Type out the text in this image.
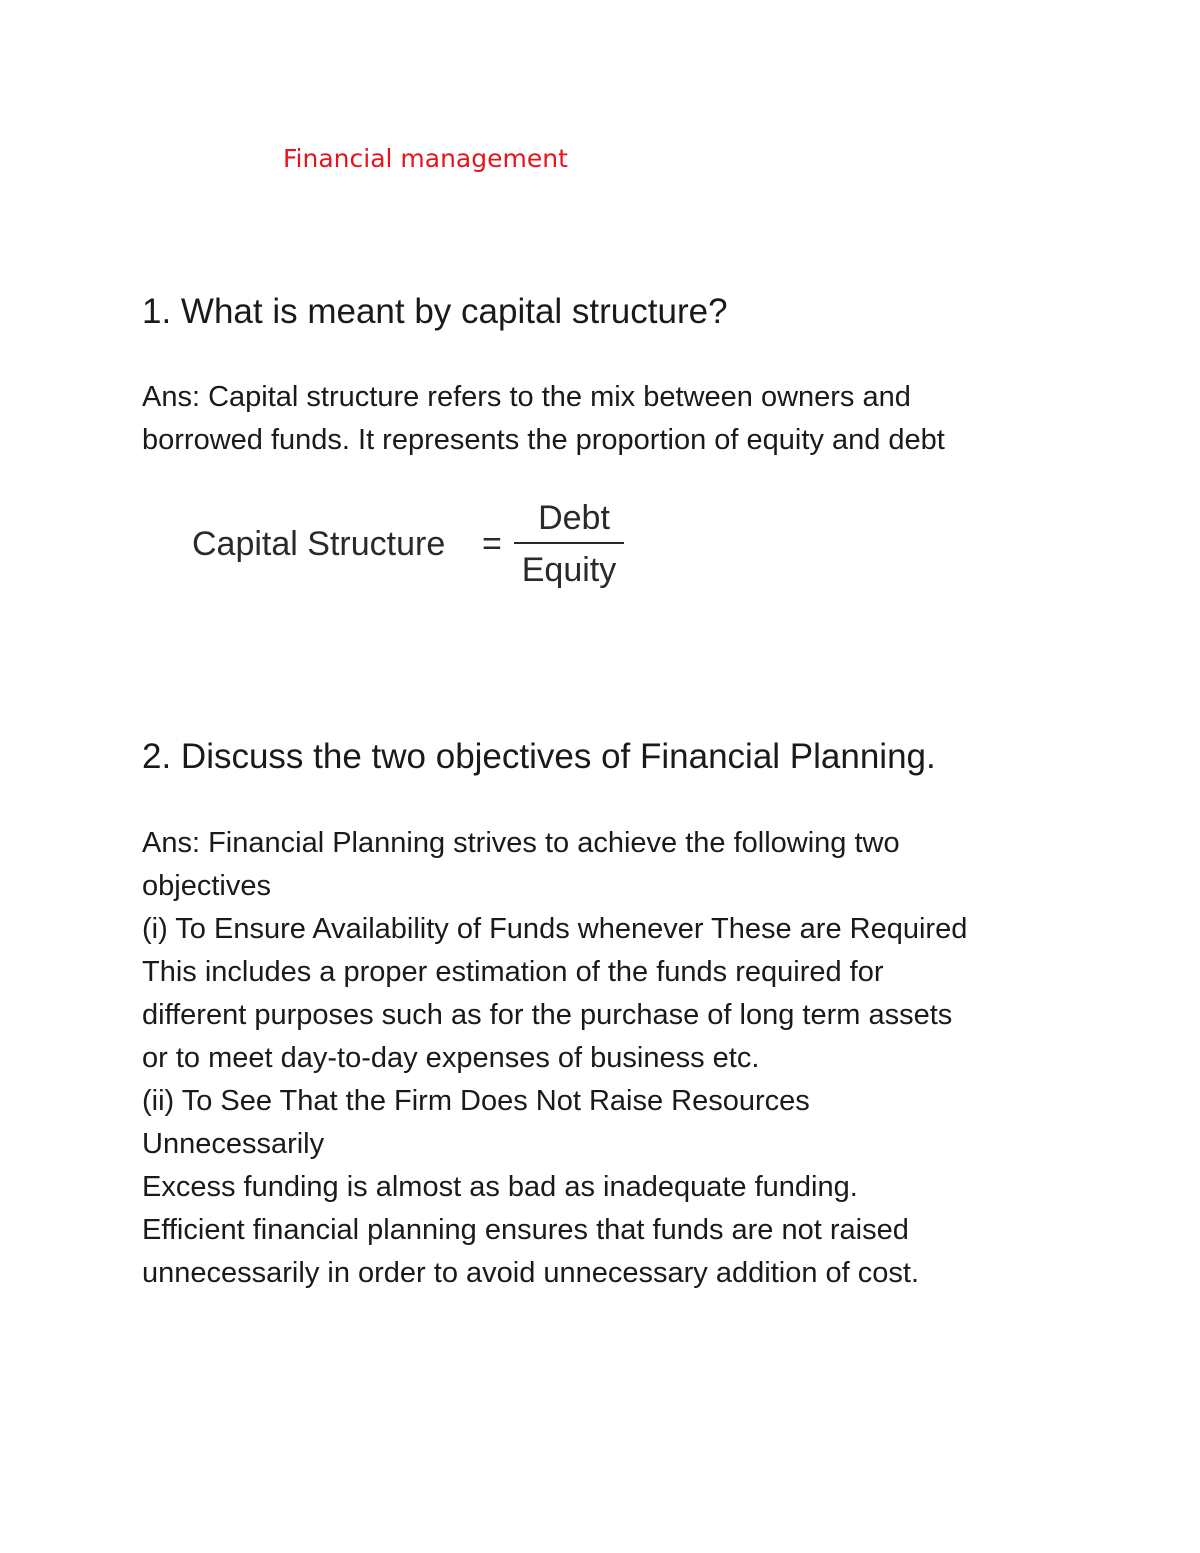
Financial management
1. What is meant by capital structure?
Ans: Capital structure refers to the mix between owners and
borrowed funds. It represents the proportion of equity and debt
Capital Structure =
Debt
Equity
2. Discuss the two objectives of Financial Planning.
Ans: Financial Planning strives to achieve the following two
objectives
(i) To Ensure Availability of Funds whenever These are Required
This includes a proper estimation of the funds required for
different purposes such as for the purchase of long term assets
or to meet day-to-day expenses of business etc.
(ii) To See That the Firm Does Not Raise Resources
Unnecessarily
Excess funding is almost as bad as inadequate funding.
Efficient financial planning ensures that funds are not raised
unnecessarily in order to avoid unnecessary addition of cost.
